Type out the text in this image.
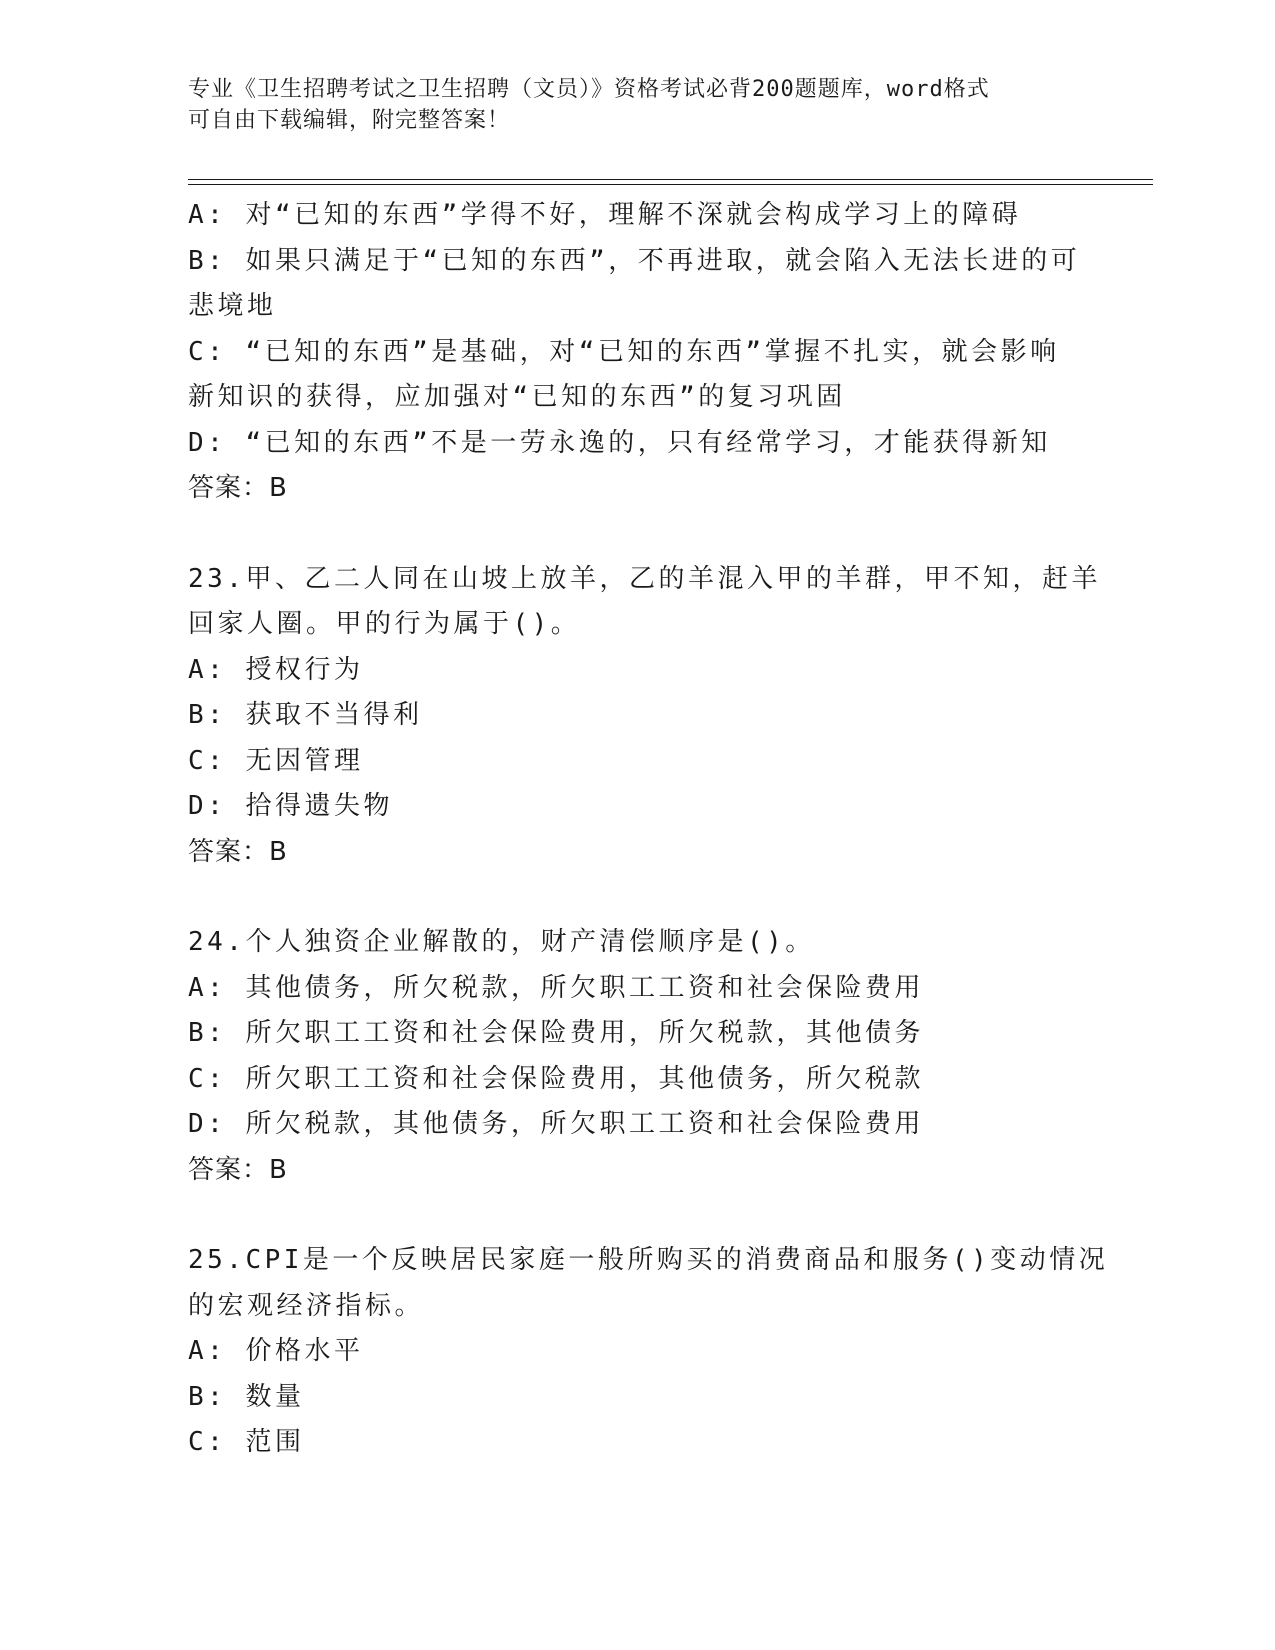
专业《卫生招聘考试之卫生招聘（文员）》资格考试必背200题题库，word格式
可自由下载编辑，附完整答案！
A: 对“已知的东西”学得不好，理解不深就会构成学习上的障碍
B: 如果只满足于“已知的东西”，不再进取，就会陷入无法长进的可
悲境地
C: “已知的东西”是基础，对“已知的东西”掌握不扎实，就会影响
新知识的获得，应加强对“已知的东西”的复习巩固
D: “已知的东西”不是一劳永逸的，只有经常学习，才能获得新知
答案：B
23.甲、乙二人同在山坡上放羊，乙的羊混入甲的羊群，甲不知，赶羊
回家人圈。甲的行为属于()。
A: 授权行为
B: 获取不当得利
C: 无因管理
D: 拾得遗失物
答案：B
24.个人独资企业解散的，财产清偿顺序是()。
A: 其他债务，所欠税款，所欠职工工资和社会保险费用
B: 所欠职工工资和社会保险费用，所欠税款，其他债务
C: 所欠职工工资和社会保险费用，其他债务，所欠税款
D: 所欠税款，其他债务，所欠职工工资和社会保险费用
答案：B
25.CPI是一个反映居民家庭一般所购买的消费商品和服务()变动情况
的宏观经济指标。
A: 价格水平
B: 数量
C: 范围
